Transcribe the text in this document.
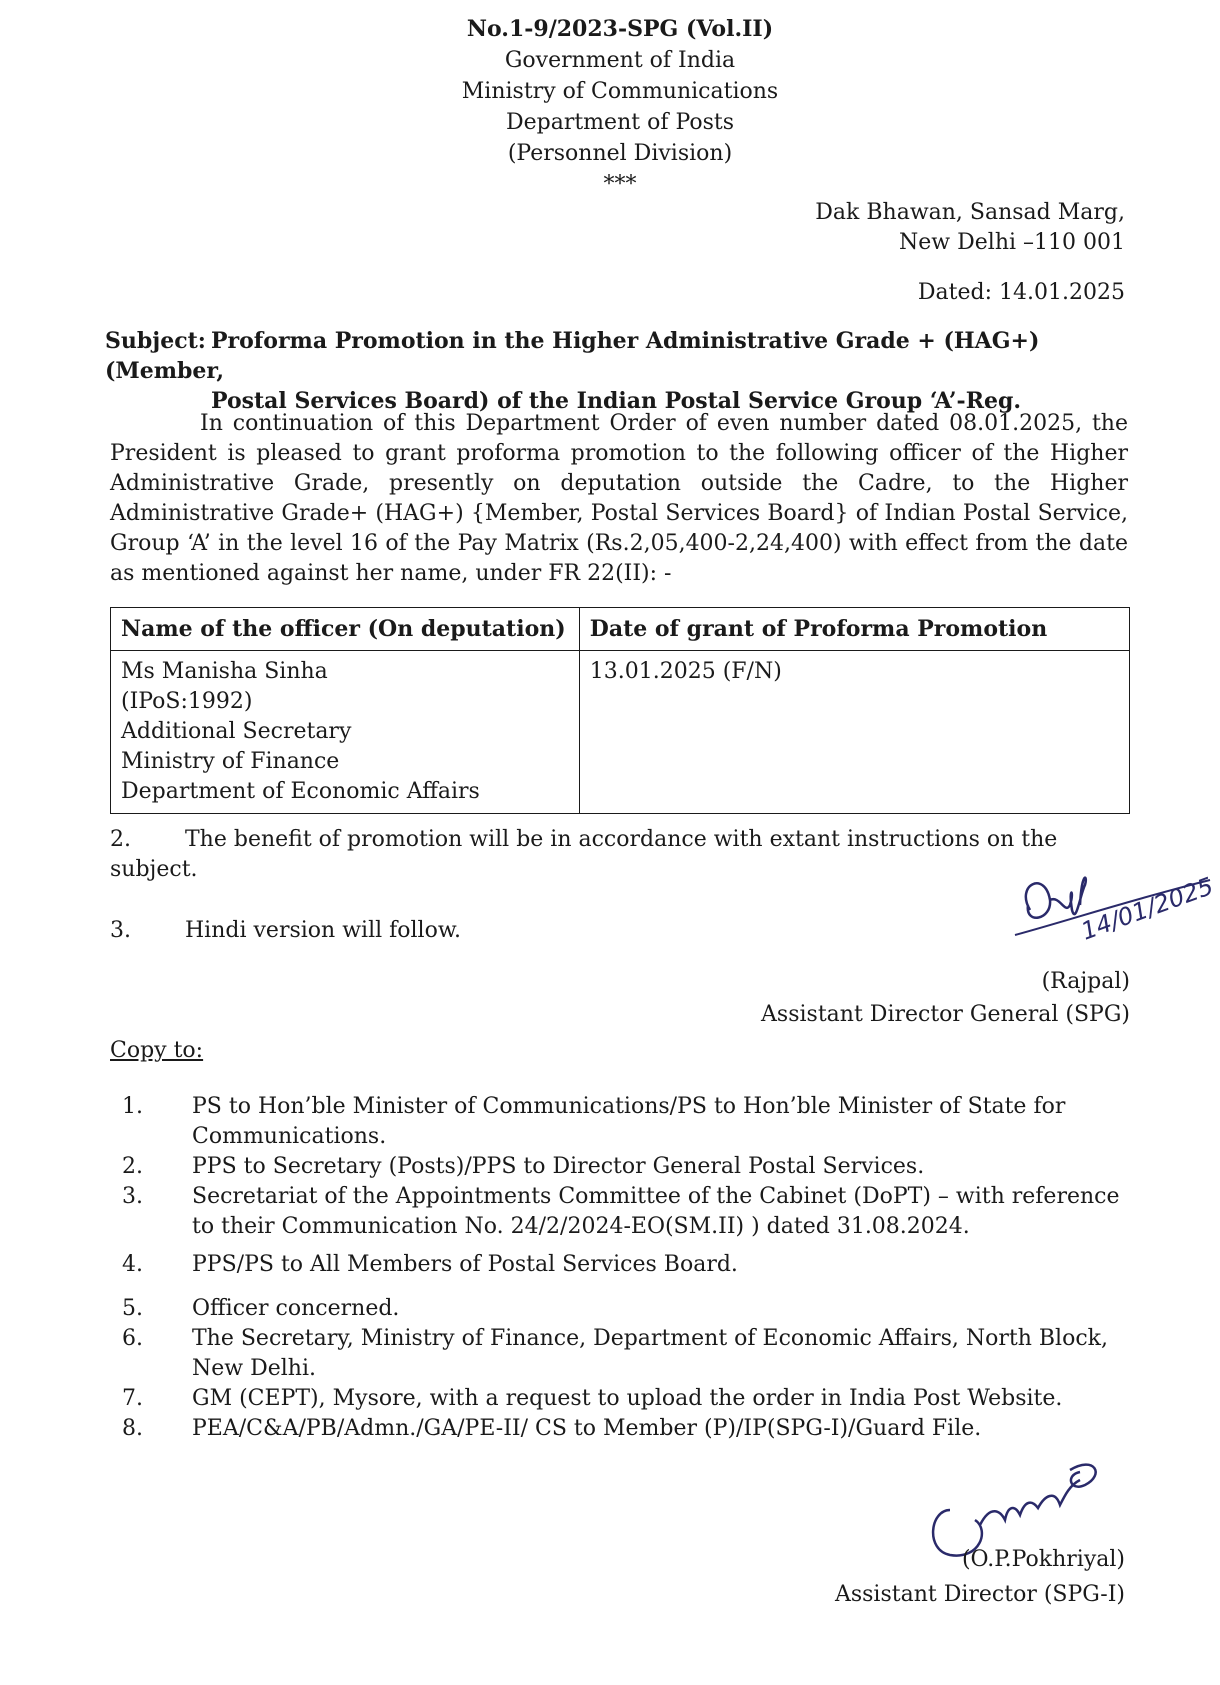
No.1-9/2023-SPG (Vol.II)
Government of India
Ministry of Communications
Department of Posts
(Personnel Division)
***
Dak Bhawan, Sansad Marg,
New Delhi –110 001
Dated: 14.01.2025
Subject: Proforma Promotion in the Higher Administrative Grade + (HAG+) (Member,
Postal Services Board) of the Indian Postal Service Group ‘A’-Reg.
In continuation of this Department Order of even number dated 08.01.2025, the President is pleased to grant proforma promotion to the following officer of the Higher Administrative Grade, presently on deputation outside the Cadre, to the Higher Administrative Grade+ (HAG+) {Member, Postal Services Board} of Indian Postal Service, Group ‘A’ in the level 16 of the Pay Matrix (Rs.2,05,400-2,24,400) with effect from the date as mentioned against her name, under FR 22(II): -
Name of the officer (On deputation)	Date of grant of Proforma Promotion

Ms Manisha Sinha
(IPoS:1992)
Additional Secretary
Ministry of Finance
Department of Economic Affairs	13.01.2025 (F/N)
2. The benefit of promotion will be in accordance with extant instructions on the subject.
3. Hindi version will follow.	14/01/2025
(Rajpal)
Assistant Director General (SPG)
Copy to:
1.	PS to Hon’ble Minister of Communications/PS to Hon’ble Minister of State for Communications.
2.	PPS to Secretary (Posts)/PPS to Director General Postal Services.
3.	Secretariat of the Appointments Committee of the Cabinet (DoPT) – with reference to their Communication No. 24/2/2024-EO(SM.II) ) dated 31.08.2024.
4.	PPS/PS to All Members of Postal Services Board.
5.	Officer concerned.
6.	The Secretary, Ministry of Finance, Department of Economic Affairs, North Block, New Delhi.
7.	GM (CEPT), Mysore, with a request to upload the order in India Post Website.
8.	PEA/C&A/PB/Admn./GA/PE-II/ CS to Member (P)/IP(SPG-I)/Guard File.
(O.P.Pokhriyal)
Assistant Director (SPG-I)
